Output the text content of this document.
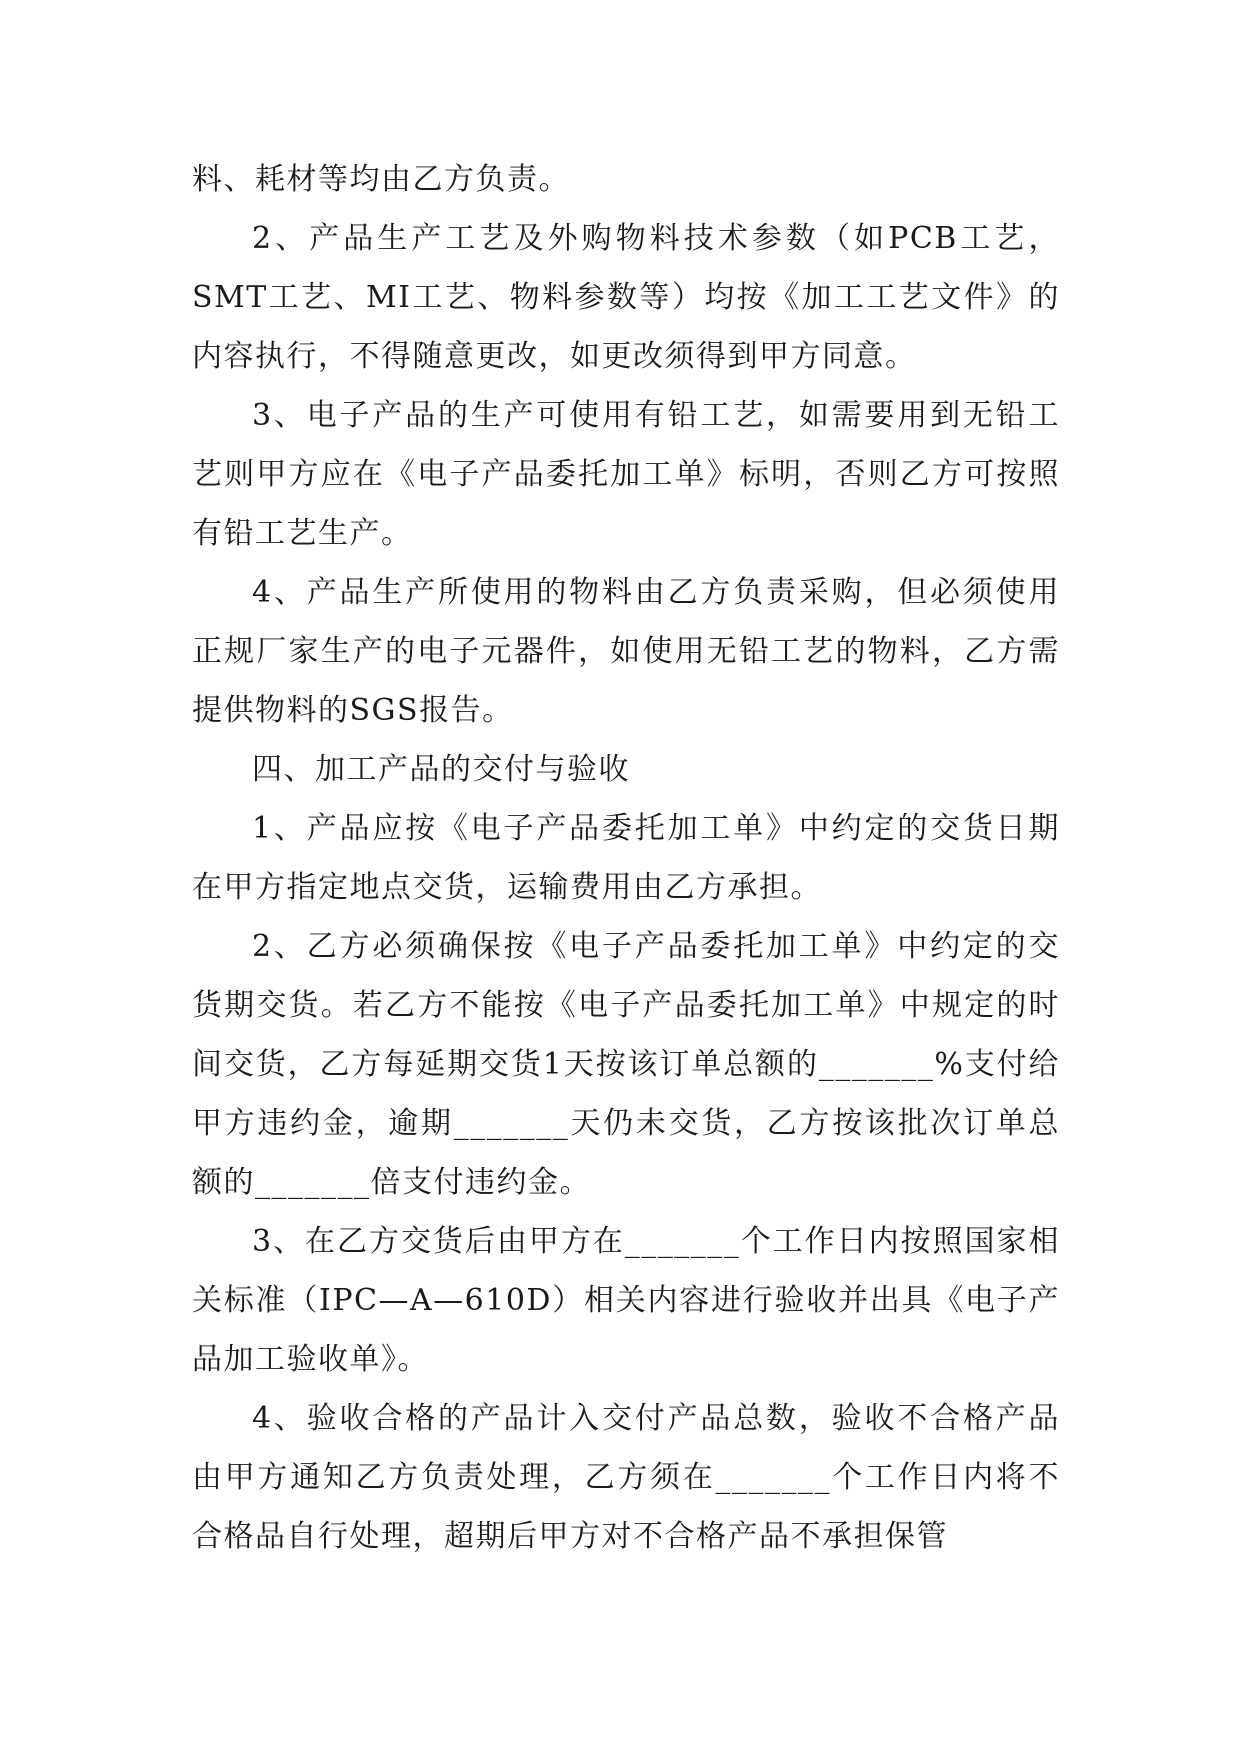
料、耗材等均由乙方负责。

2、产品生产工艺及外购物料技术参数（如PCB工艺，SMT工艺、MI工艺、物料参数等）均按《加工工艺文件》的内容执行，不得随意更改，如更改须得到甲方同意。

3、电子产品的生产可使用有铅工艺，如需要用到无铅工艺则甲方应在《电子产品委托加工单》标明，否则乙方可按照有铅工艺生产。

4、产品生产所使用的物料由乙方负责采购，但必须使用正规厂家生产的电子元器件，如使用无铅工艺的物料，乙方需提供物料的SGS报告。

四、加工产品的交付与验收

1、产品应按《电子产品委托加工单》中约定的交货日期在甲方指定地点交货，运输费用由乙方承担。

2、乙方必须确保按《电子产品委托加工单》中约定的交货期交货。若乙方不能按《电子产品委托加工单》中规定的时间交货，乙方每延期交货1天按该订单总额的_______%支付给甲方违约金，逾期_______天仍未交货，乙方按该批次订单总额的_______倍支付违约金。

3、在乙方交货后由甲方在_______个工作日内按照国家相关标准（IPC—A—610D）相关内容进行验收并出具《电子产品加工验收单》。

4、验收合格的产品计入交付产品总数，验收不合格产品由甲方通知乙方负责处理，乙方须在_______个工作日内将不合格品自行处理，超期后甲方对不合格产品不承担保管
